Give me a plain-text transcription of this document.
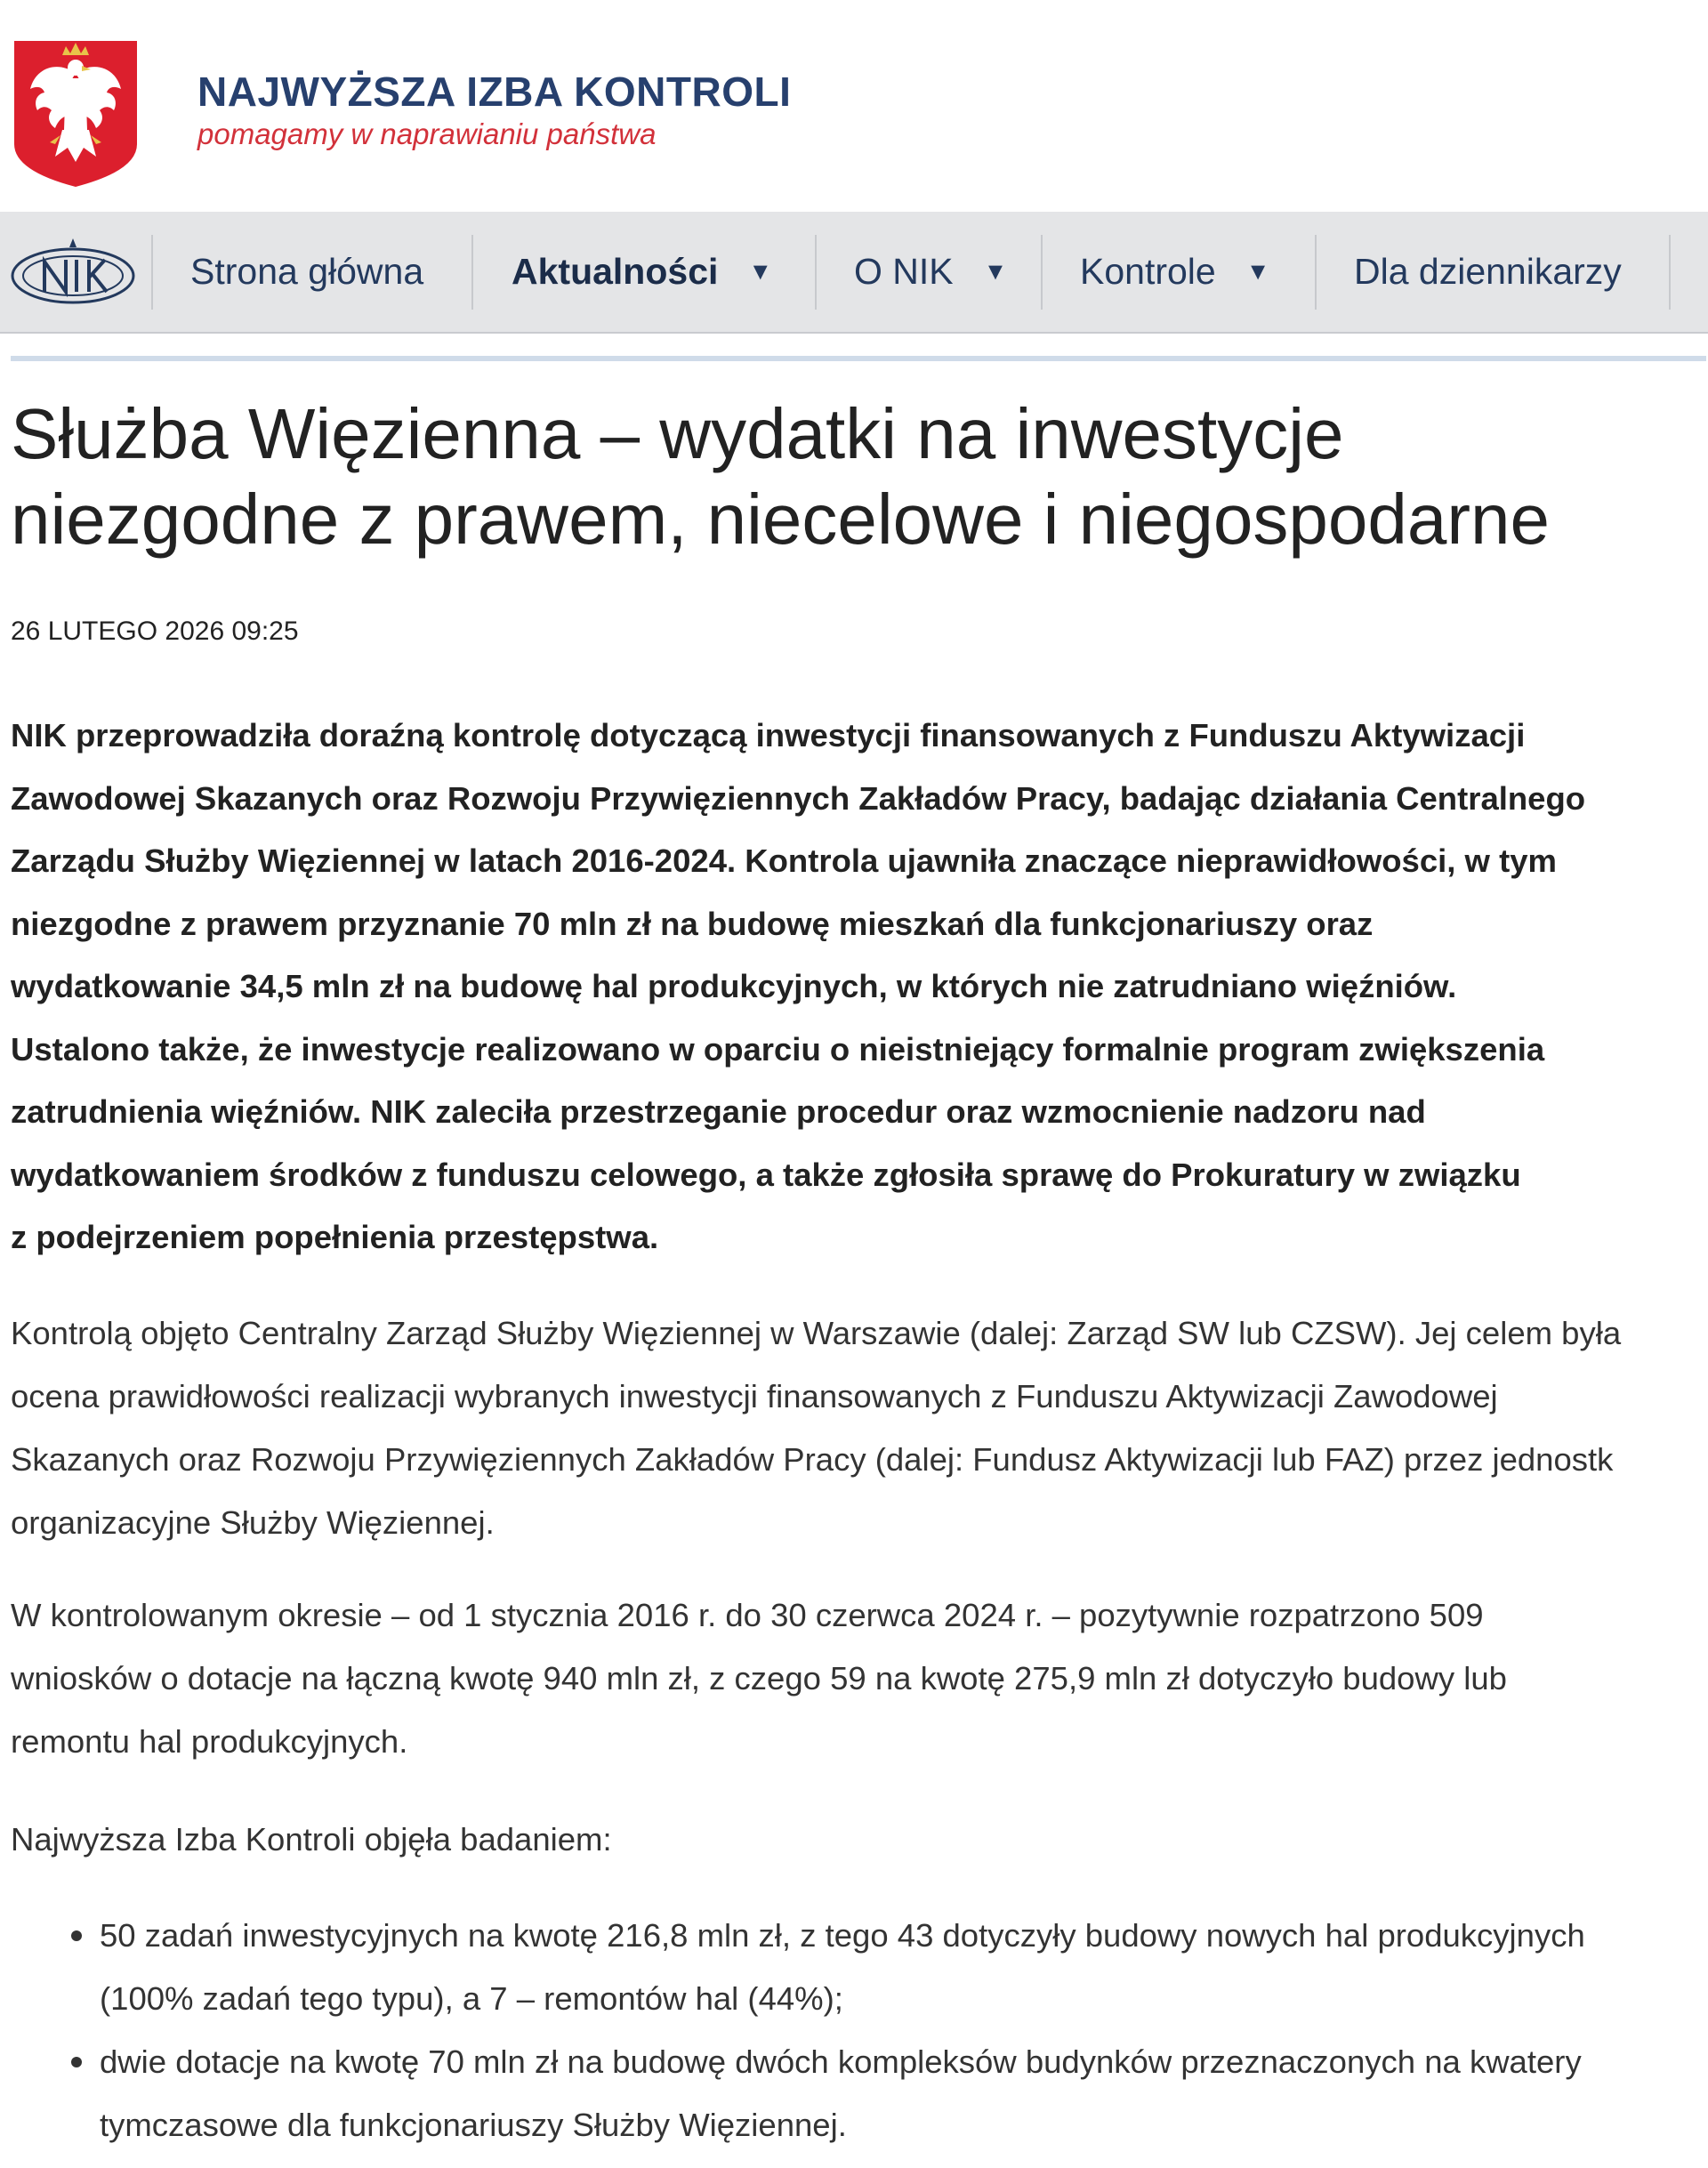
NAJWYŻSZA IZBA KONTROLI
pomagamy w naprawianiu państwa
Strona główna Aktualności ▼ O NIK ▼ Kontrole ▼ Dla dziennikarzy
Służba Więzienna – wydatki na inwestycje
niezgodne z prawem, niecelowe i niegospodarne
26 LUTEGO 2026 09:25

NIK przeprowadziła doraźną kontrolę dotyczącą inwestycji finansowanych z Funduszu Aktywizacji
Zawodowej Skazanych oraz Rozwoju Przywięziennych Zakładów Pracy, badając działania Centralnego
Zarządu Służby Więziennej w latach 2016-2024. Kontrola ujawniła znaczące nieprawidłowości, w tym
niezgodne z prawem przyznanie 70 mln zł na budowę mieszkań dla funkcjonariuszy oraz
wydatkowanie 34,5 mln zł na budowę hal produkcyjnych, w których nie zatrudniano więźniów.
Ustalono także, że inwestycje realizowano w oparciu o nieistniejący formalnie program zwiększenia
zatrudnienia więźniów. NIK zaleciła przestrzeganie procedur oraz wzmocnienie nadzoru nad
wydatkowaniem środków z funduszu celowego, a także zgłosiła sprawę do Prokuratury w związku
z podejrzeniem popełnienia przestępstwa.

Kontrolą objęto Centralny Zarząd Służby Więziennej w Warszawie (dalej: Zarząd SW lub CZSW). Jej celem była
ocena prawidłowości realizacji wybranych inwestycji finansowanych z Funduszu Aktywizacji Zawodowej
Skazanych oraz Rozwoju Przywięziennych Zakładów Pracy (dalej: Fundusz Aktywizacji lub FAZ) przez jednostk
organizacyjne Służby Więziennej.

W kontrolowanym okresie – od 1 stycznia 2016 r. do 30 czerwca 2024 r. – pozytywnie rozpatrzono 509
wniosków o dotacje na łączną kwotę 940 mln zł, z czego 59 na kwotę 275,9 mln zł dotyczyło budowy lub
remontu hal produkcyjnych.

Najwyższa Izba Kontroli objęła badaniem:

50 zadań inwestycyjnych na kwotę 216,8 mln zł, z tego 43 dotyczyły budowy nowych hal produkcyjnych
(100% zadań tego typu), a 7 – remontów hal (44%);
dwie dotacje na kwotę 70 mln zł na budowę dwóch kompleksów budynków przeznaczonych na kwatery
tymczasowe dla funkcjonariuszy Służby Więziennej.
